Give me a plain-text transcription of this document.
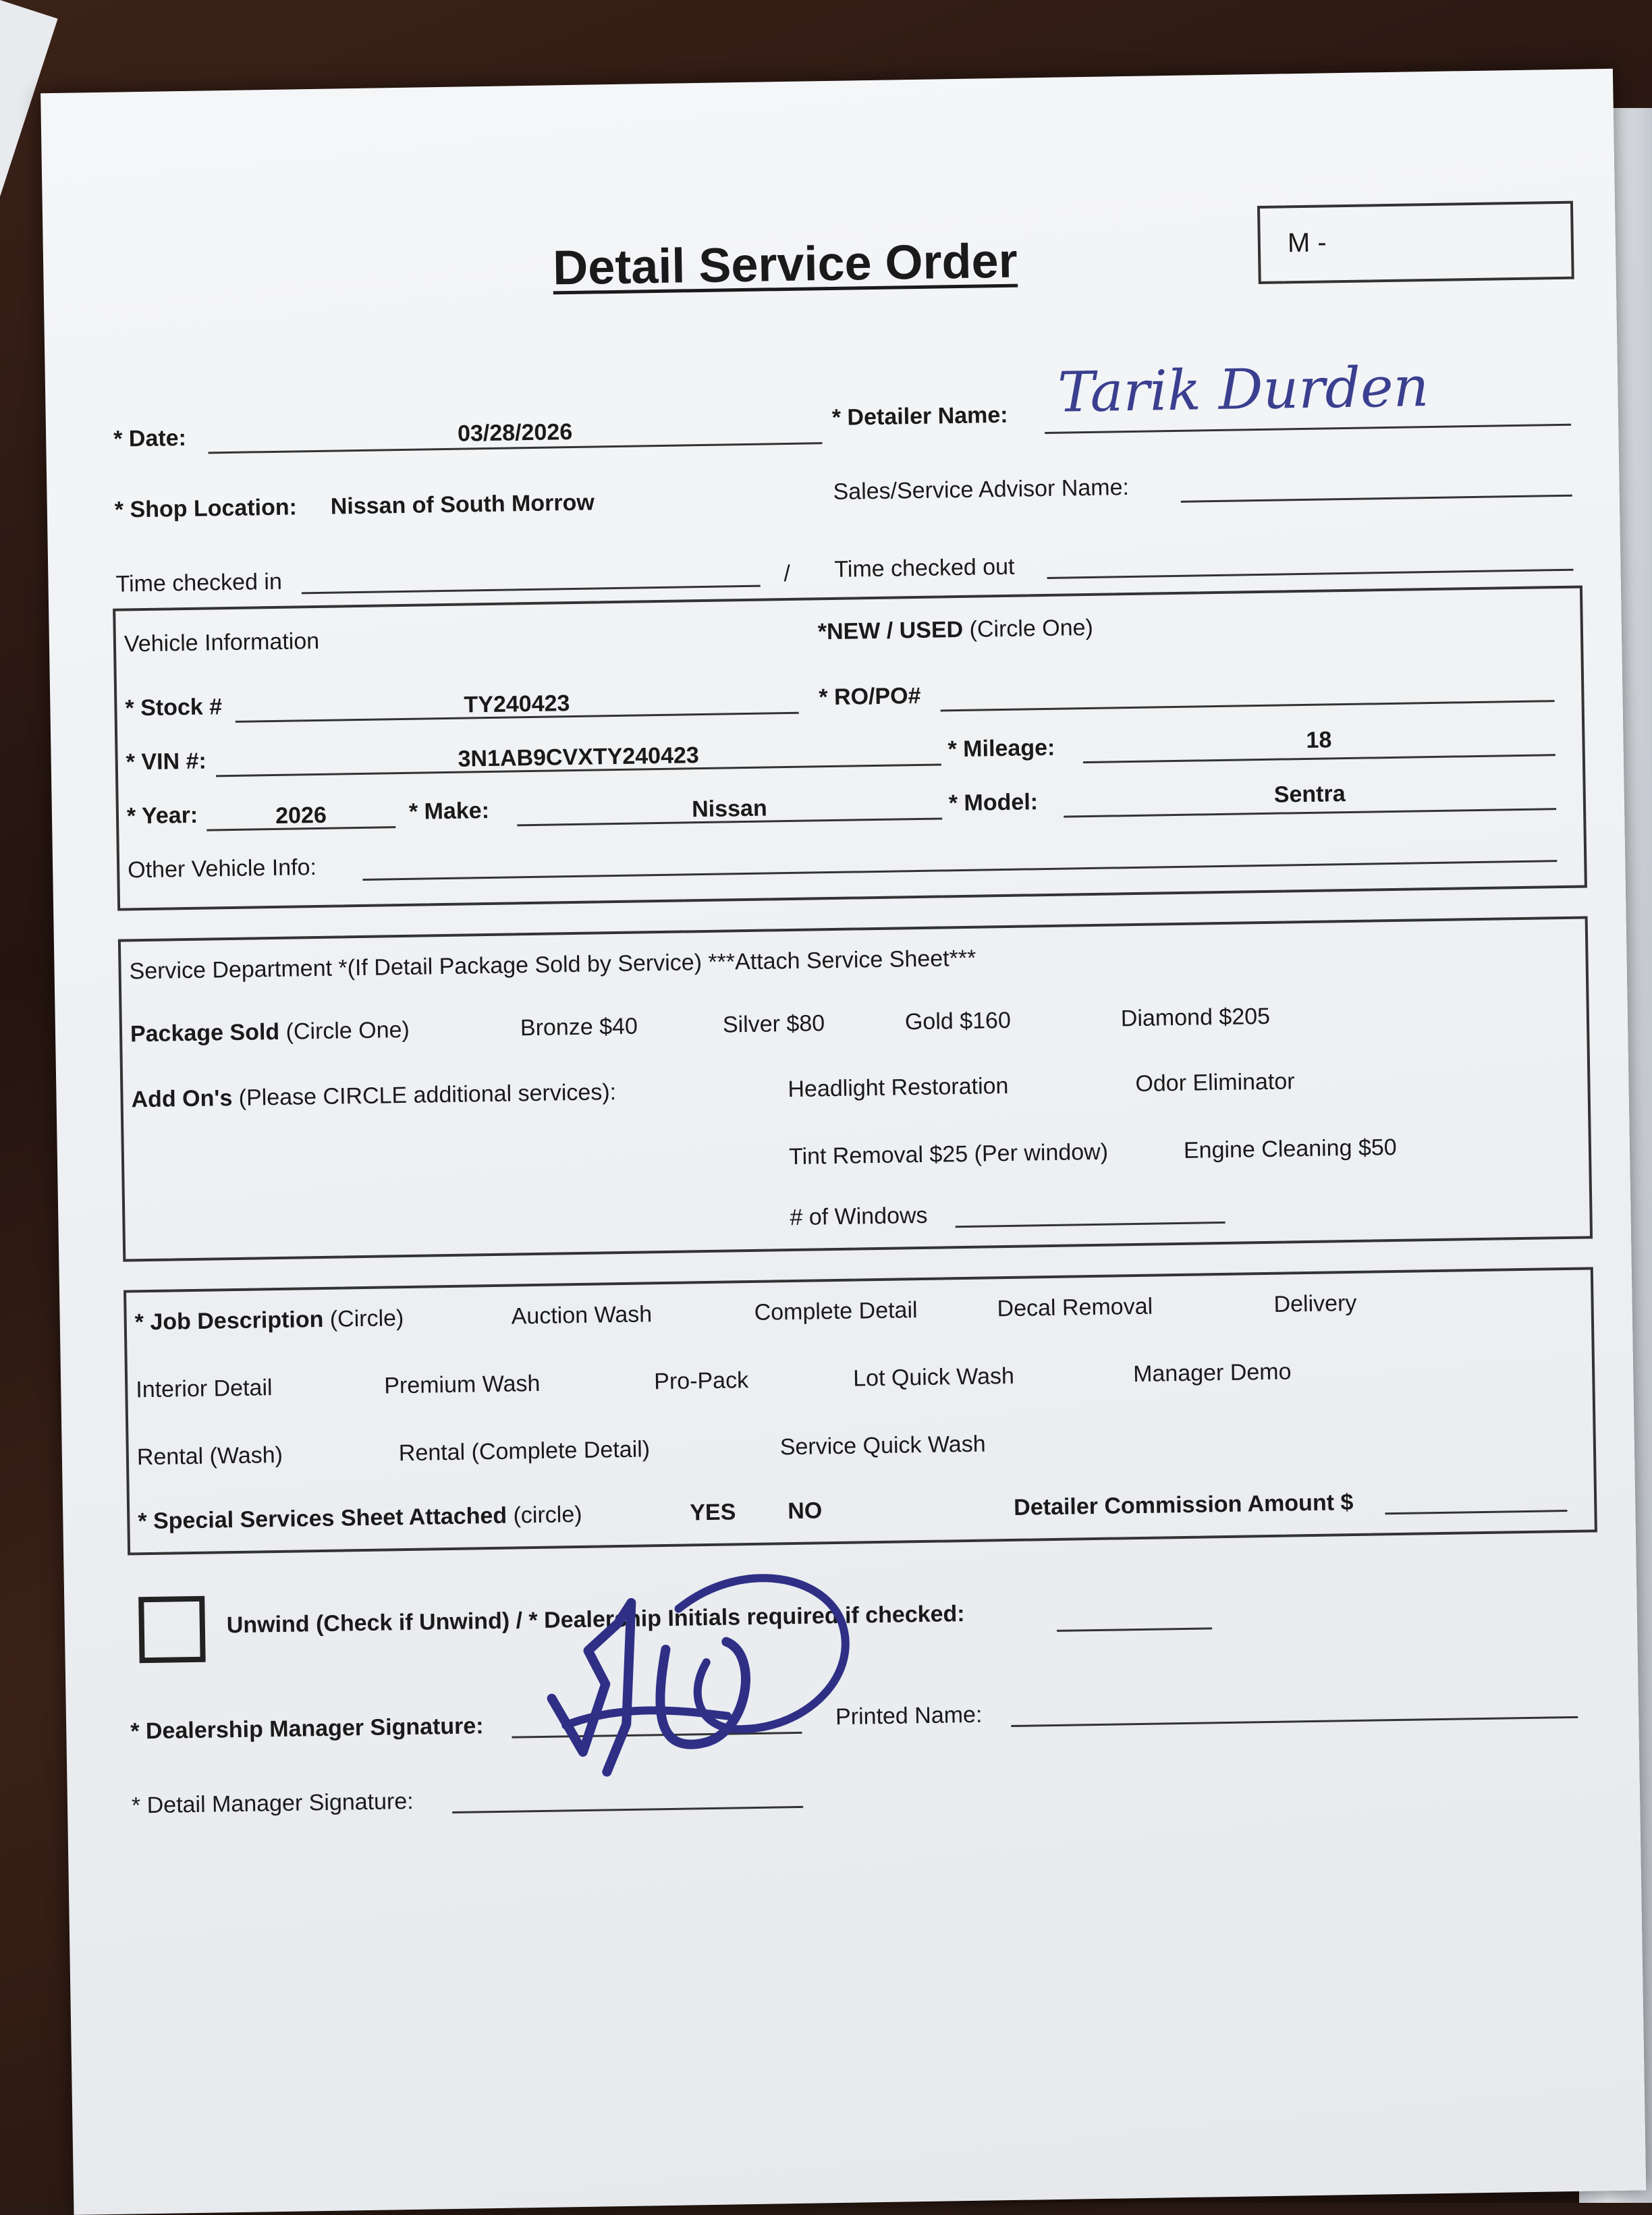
Detail Service Order	M -
* Date:	03/28/2026
* Detailer Name: Tarik Durden
* Shop Location: Nissan of South Morrow	Sales/Service Advisor Name:
Time checked in	/ Time checked out
Vehicle Information	*NEW / USED (Circle One)
* Stock #	TY240423	* RO/PO#
* VIN #:	3N1AB9CVXTY240423	* Mileage:	18
* Year:	2026	* Make:	Nissan	* Model:	Sentra
Other Vehicle Info:
Service Department *(If Detail Package Sold by Service) ***Attach Service Sheet***
Package Sold (Circle One)	Bronze $40	Silver $80	Gold $160	Diamond $205
Add On's (Please CIRCLE additional services):	Headlight Restoration	Odor Eliminator
Tint Removal $25 (Per window)	Engine Cleaning $50
# of Windows
* Job Description (Circle)	Auction Wash	Complete Detail	Decal Removal	Delivery
Interior Detail	Premium Wash	Pro-Pack	Lot Quick Wash	Manager Demo
Rental (Wash)	Rental (Complete Detail)	Service Quick Wash
* Special Services Sheet Attached (circle)	YES NO	Detailer Commission Amount $
Unwind (Check if Unwind) / * Dealership Initials required if checked:
* Dealership Manager Signature:	Printed Name:
* Detail Manager Signature:
